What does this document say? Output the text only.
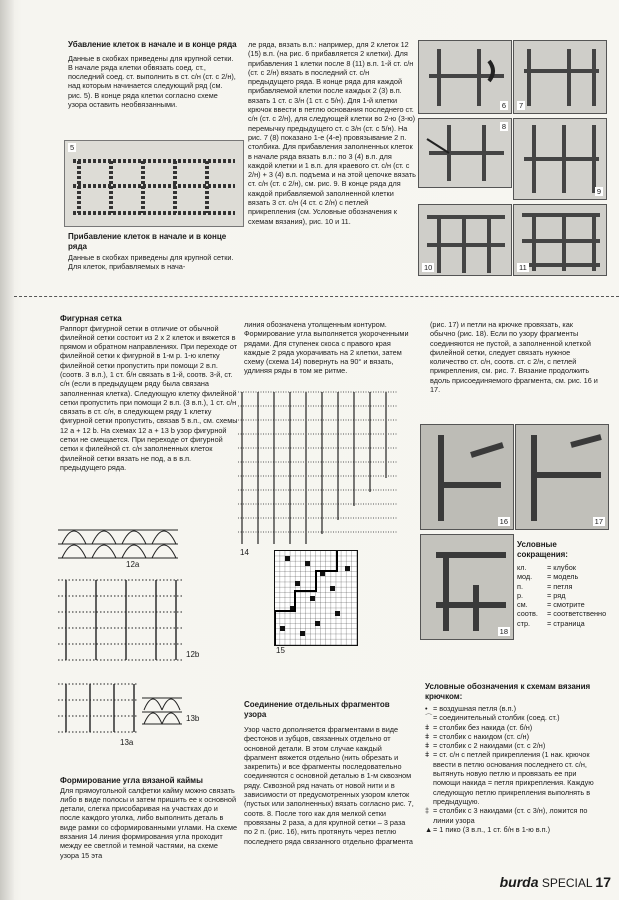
Убавление клеток в начале и в конце ряда

Данные в скобках приведены для крупной сетки. В начале ряда клетки обвязать соед. ст., последний соед. ст. выполнить в ст. с/н (ст. с 2/н), над которым начинается следующий ряд (см. рис. 5). В конце ряда клетки согласно схеме узора оставить необвязанными.

5

Прибавление клеток в начале и в конце ряда

Данные в скобках приведены для крупной сетки. Для клеток, прибавляемых в нача-

ле ряда, вязать в.п.: например, для 2 клеток 12 (15) в.п. (на рис. 6 прибавляется 2 клетки). Для прибавления 1 клетки после 8 (11) в.п. 1-й ст. с/н (ст. с 2/н) вязать в последний ст. с/н предыдущего ряда. В конце ряда для каждой прибавляемой клетки после каждых 2 (3) в.п. вязать 1 ст. с 3/н (1 ст. с 5/н). Для 1-й клетки крючок ввести в петлю основания последнего ст. с/н (ст. с 2/н), для следующей клетки во 2-ю (3-ю) перемычку предыдущего ст. с 3/н (ст. с 5/н). На рис. 7 (8) показано 1-е (4-е) провязывание 2 п. столбика. Для прибавления заполненных клеток в начале ряда вязать в.п.: по 3 (4) в.п. для каждой клетки и 1 в.п. для краевого ст. с/н (ст. с 2/н) + 3 (4) в.п. подъема и на этой цепочке вязать ст. с/н (ст. с 2/н), см. рис. 9. В конце ряда для каждой прибавляемой заполненной клетки вязать 3 ст. с/н (4 ст. с 2/н) с петлей прикрепления (см. Условные обозначения к схемам вязания), рис. 10 и 11.

6 7
8
9
10	11

Фигурная сетка

Раппорт фигурной сетки в отличие от обычной филейной сетки состоит из 2 x 2 клеток и вяжется в прямом и обратном направлениях. При переходе от филейной сетки к фигурной в 1-м р. 1-ю клетку филейной сетки пропустить при помощи 2 в.п. (соотв. 3 в.п.), 1 ст. б/н связать в 1-й, соотв. 3-й, ст. с/н (если в предыдущем ряду была связана заполненная клетка). Следующую клетку филейной сетки пропустить при помощи 2 в.п. (3 в.п.), 1 ст. с/н связать в ст. с/н, в следующем ряду 1 клетку фигурной сетки пропустить, связав 5 в.п., см. схемы 12 а + 12 b. На схемах 12 а + 13 b узор фигурной сетки не смещается. При переходе от фигурной сетки к филейной ст. с/н заполненных клеток филейной сетки вязать не под, а в в.п. предыдущего ряда.

12a
12b
13a
13b

Формирование угла вязаной каймы

Для прямоугольной салфетки кайму можно связать либо в виде полосы и затем пришить ее к основной детали, слегка присобаривая на участках до и после каждого уголка, либо выполнить деталь в виде рамки со сформированными углами. На схеме вязания 14 линия формирования угла проходит между ее светлой и темной частями, на схеме узора 15 эта

линия обозначена утолщенным контуром.
Формирование угла выполняется укороченными рядами. Для ступенек скоса с правого края каждые 2 ряда укорачивать на 2 клетки, затем схему (схема 14) повернуть на 90° и вязать, удлиняя ряды в том же ритме.

14
15

Соединение отдельных фрагментов узора

Узор часто дополняется фрагментами в виде фестонов и зубцов, связанных отдельно от основной детали. В этом случае каждый фрагмент вяжется отдельно (нить обрезать и закрепить) и все фрагменты последовательно соединяются с основной деталью в 1-м сквозном ряду. Сквозной ряд начать от новой нити и в зависимости от предусмотренных узором клеток (пустых или заполненных) вязать согласно рис. 7, соотв. 8. После того как для мелкой сетки провязаны 2 раза, а для крупной сетки – 3 раза по 2 п. (рис. 16), нить протянуть через петлю последнего ряда связанного отдельно фрагмента

(рис. 17) и петли на крючке провязать, как обычно (рис. 18). Если по узору фрагменты соединяются не пустой, а заполненной клеткой филейной сетки, следует связать нужное количество ст. с/н, соотв. ст. с 2/н, с петлей прикрепления, см. рис. 7. Вязание продолжить вдоль присоединяемого фрагмента, см. рис. 16 и 17.

16	17
18

Условные сокращения:

кл.	= клубок
мод.	= модель
п.	= петля
р.	= ряд
см.	= смотрите
соотв.	= соответственно
стр.	= страница

Условные обозначения к схемам вязания крючком:

• = воздушная петля (в.п.)
⌒ = соединительный столбик (соед. ст.)
ǂ = столбик без накида (ст. б/н)
ǂ = столбик с накидом (ст. с/н)
ǂ = столбик с 2 накидами (ст. с 2/н)
ǂ = ст. с/н с петлей прикрепления (1 нак. крючок ввести в петлю основания последнего ст. с/н, вытянуть новую петлю и провязать ее при помощи накида = петля прикрепления. Каждую следующую петлю прикрепления выполнять в предыдущую.
‡ = столбик с 3 накидами (ст. с 3/н), ложится по линии узора
▲ = 1 пико (3 в.п., 1 ст. б/н в 1-ю в.п.)
burda SPECIAL 17
